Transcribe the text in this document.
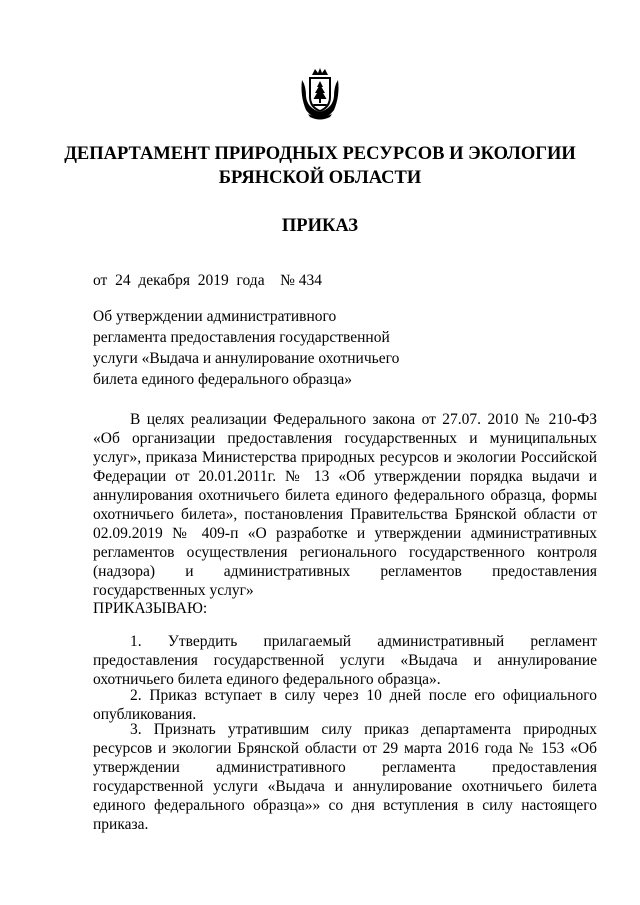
ДЕПАРТАМЕНТ ПРИРОДНЫХ РЕСУРСОВ И ЭКОЛОГИИ БРЯНСКОЙ ОБЛАСТИ
ПРИКАЗ
от  24  декабря  2019  года    № 434
Об утверждении административного
регламента предоставления государственной
услуги «Выдача и аннулирование охотничьего
билета единого федерального образца»

В целях реализации Федерального закона от 27.07. 2010 № 210-ФЗ «Об организации предоставления государственных и муниципальных услуг», приказа Министерства природных ресурсов и экологии Российской Федерации от 20.01.2011г. № 13 «Об утверждении порядка выдачи и аннулирования охотничьего билета единого федерального образца, формы охотничьего билета», постановления Правительства Брянской области от 02.09.2019 № 409-п «О разработке и утверждении административных регламентов осуществления регионального государственного контроля (надзора) и административных регламентов предоставления государственных услуг»

ПРИКАЗЫВАЮ:

1. Утвердить прилагаемый административный регламент предоставления государственной услуги «Выдача и аннулирование охотничьего билета единого федерального образца».

2. Приказ вступает в силу через 10 дней после его официального опубликования.

3. Признать утратившим силу приказ департамента природных ресурсов и экологии Брянской области от 29 марта 2016 года № 153 «Об утверждении административного регламента предоставления государственной услуги «Выдача и аннулирование охотничьего билета единого федерального образца»» со дня вступления в силу настоящего приказа.
